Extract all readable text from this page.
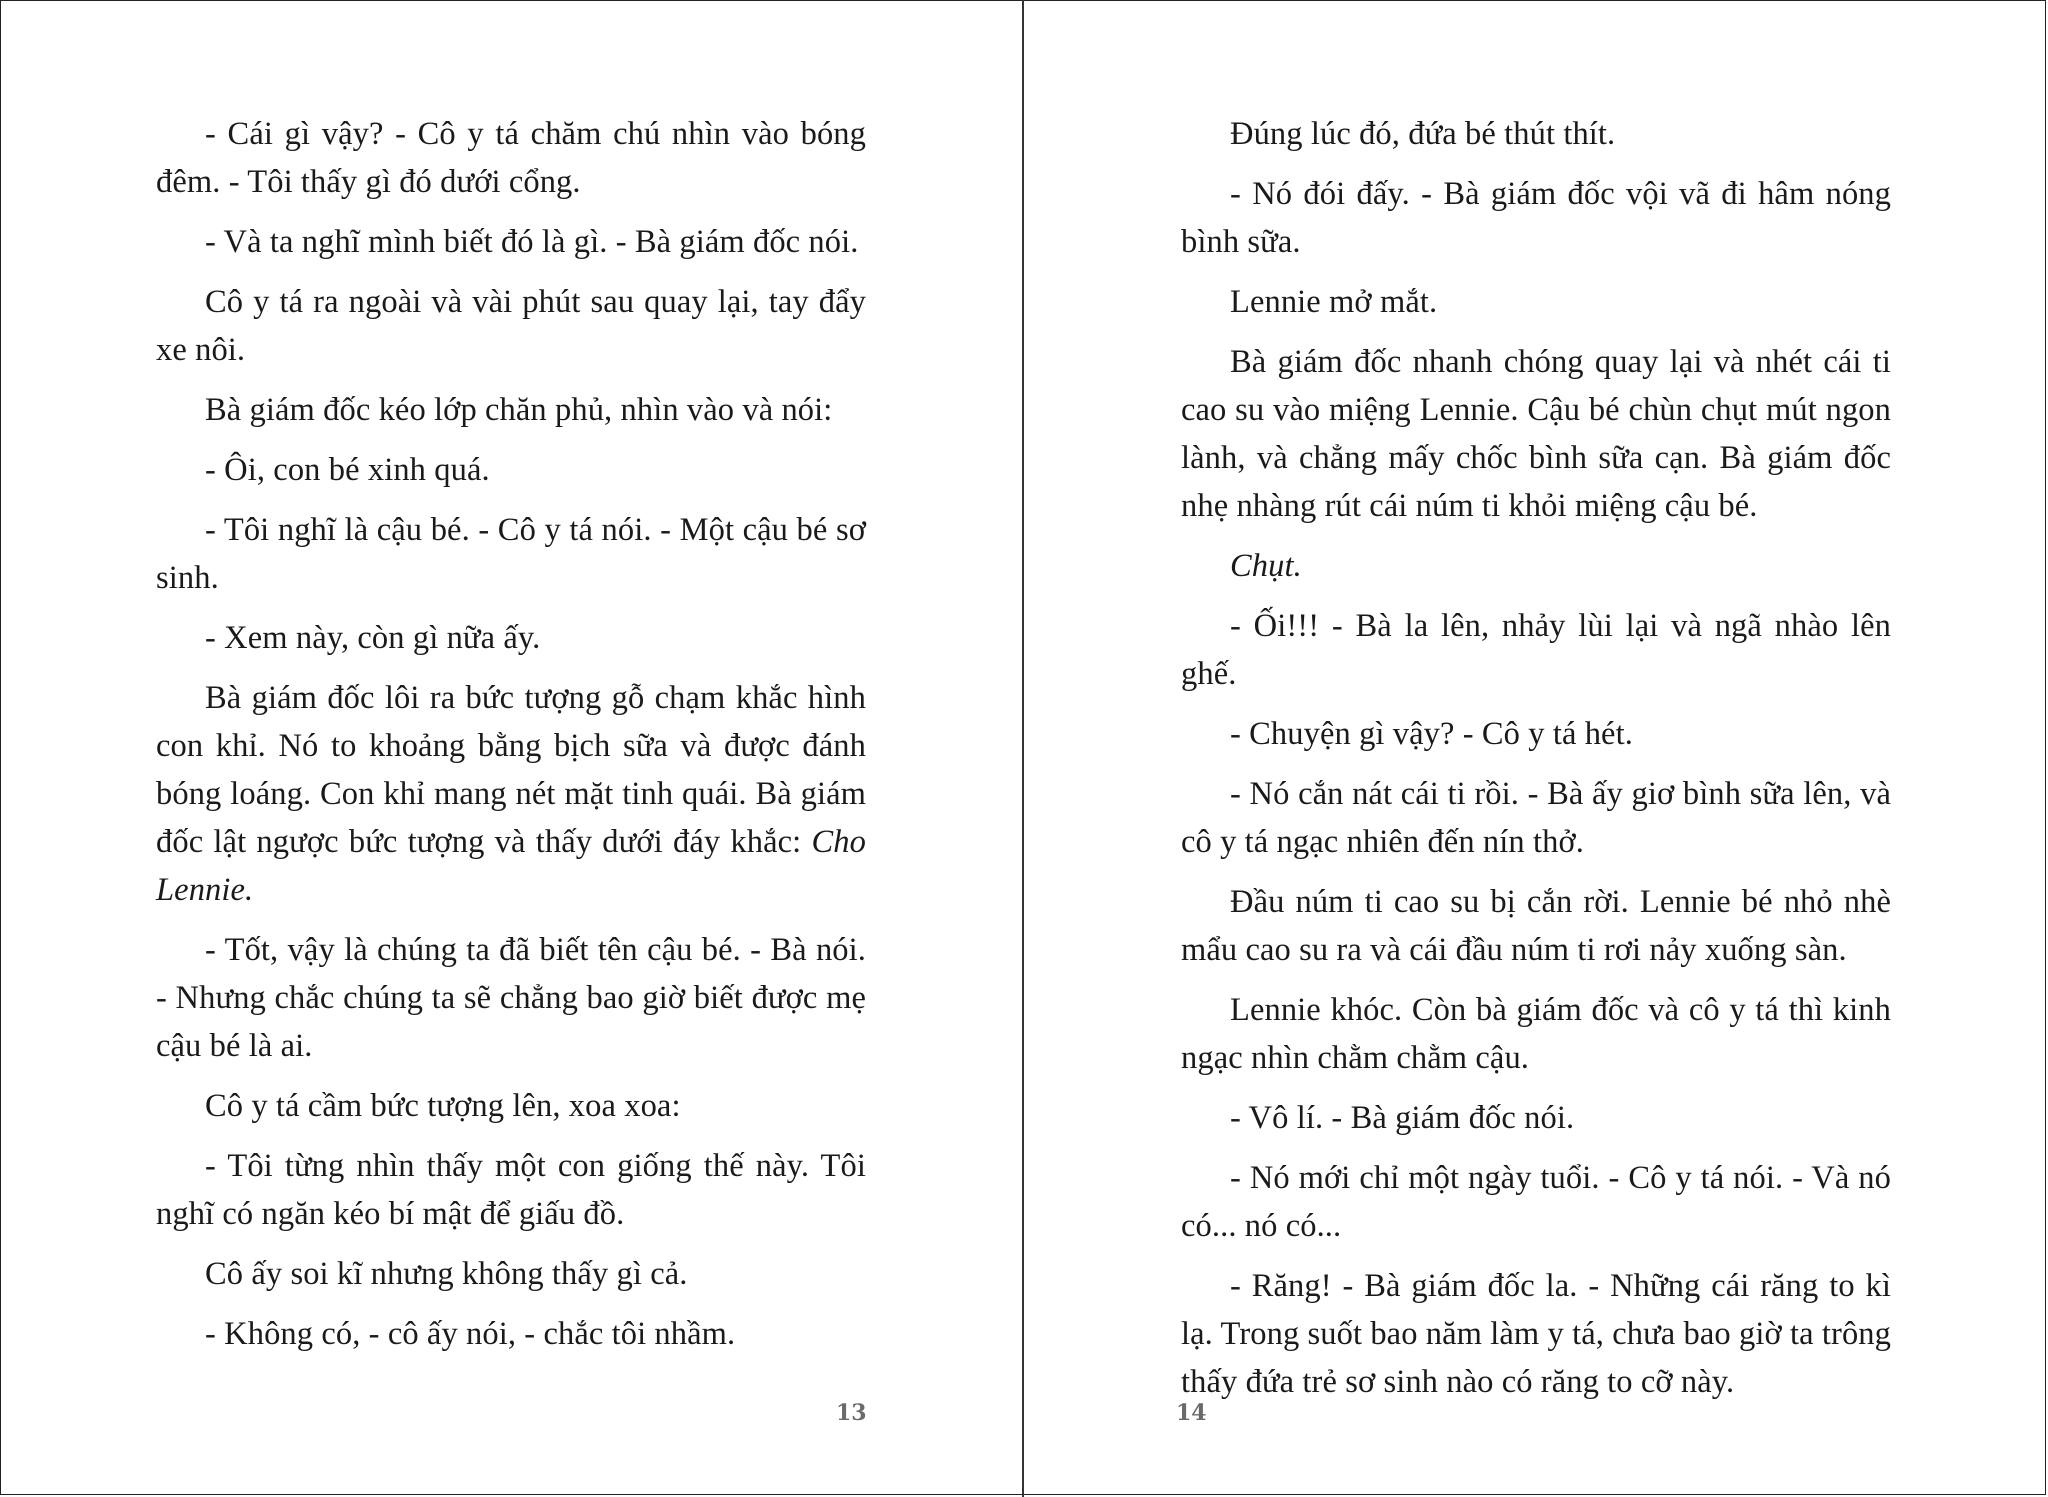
- Cái gì vậy? - Cô y tá chăm chú nhìn vào bóng đêm. - Tôi thấy gì đó dưới cổng.

- Và ta nghĩ mình biết đó là gì. - Bà giám đốc nói.

Cô y tá ra ngoài và vài phút sau quay lại, tay đẩy xe nôi.

Bà giám đốc kéo lớp chăn phủ, nhìn vào và nói:

- Ôi, con bé xinh quá.

- Tôi nghĩ là cậu bé. - Cô y tá nói. - Một cậu bé sơ sinh.

- Xem này, còn gì nữa ấy.

Bà giám đốc lôi ra bức tượng gỗ chạm khắc hình con khỉ. Nó to khoảng bằng bịch sữa và được đánh bóng loáng. Con khỉ mang nét mặt tinh quái. Bà giám đốc lật ngược bức tượng và thấy dưới đáy khắc: Cho Lennie.

- Tốt, vậy là chúng ta đã biết tên cậu bé. - Bà nói. - Nhưng chắc chúng ta sẽ chẳng bao giờ biết được mẹ cậu bé là ai.

Cô y tá cầm bức tượng lên, xoa xoa:

- Tôi từng nhìn thấy một con giống thế này. Tôi nghĩ có ngăn kéo bí mật để giấu đồ.

Cô ấy soi kĩ nhưng không thấy gì cả.

- Không có, - cô ấy nói, - chắc tôi nhầm.

Đúng lúc đó, đứa bé thút thít.

- Nó đói đấy. - Bà giám đốc vội vã đi hâm nóng bình sữa.

Lennie mở mắt.

Bà giám đốc nhanh chóng quay lại và nhét cái ti cao su vào miệng Lennie. Cậu bé chùn chụt mút ngon lành, và chẳng mấy chốc bình sữa cạn. Bà giám đốc nhẹ nhàng rút cái núm ti khỏi miệng cậu bé.

Chụt.

- Ối!!! - Bà la lên, nhảy lùi lại và ngã nhào lên ghế.

- Chuyện gì vậy? - Cô y tá hét.

- Nó cắn nát cái ti rồi. - Bà ấy giơ bình sữa lên, và cô y tá ngạc nhiên đến nín thở.

Đầu núm ti cao su bị cắn rời. Lennie bé nhỏ nhè mẩu cao su ra và cái đầu núm ti rơi nảy xuống sàn.

Lennie khóc. Còn bà giám đốc và cô y tá thì kinh ngạc nhìn chằm chằm cậu.

- Vô lí. - Bà giám đốc nói.

- Nó mới chỉ một ngày tuổi. - Cô y tá nói. - Và nó có... nó có...

- Răng! - Bà giám đốc la. - Những cái răng to kì lạ. Trong suốt bao năm làm y tá, chưa bao giờ ta trông thấy đứa trẻ sơ sinh nào có răng to cỡ này.

13	14
